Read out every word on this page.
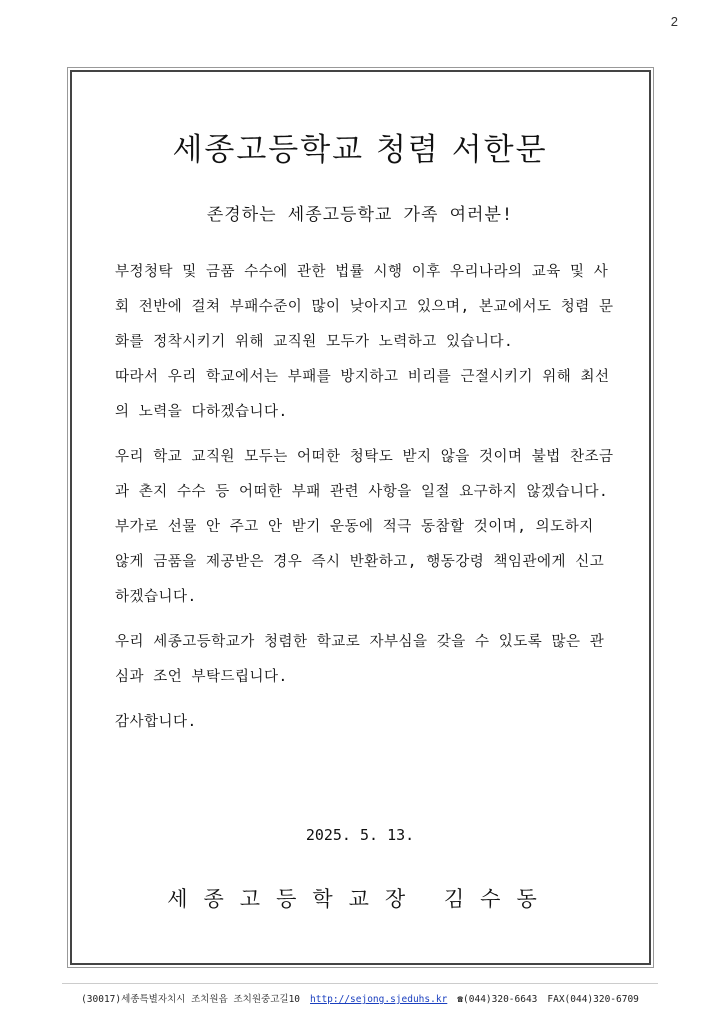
2
세종고등학교 청렴 서한문

존경하는 세종고등학교 가족 여러분!

부정청탁 및 금품 수수에 관한 법률 시행 이후 우리나라의 교육 및 사회 전반에 걸쳐 부패수준이 많이 낮아지고 있으며, 본교에서도 청렴 문화를 정착시키기 위해 교직원 모두가 노력하고 있습니다.

따라서 우리 학교에서는 부패를 방지하고 비리를 근절시키기 위해 최선의 노력을 다하겠습니다.

우리 학교 교직원 모두는 어떠한 청탁도 받지 않을 것이며 불법 찬조금과 촌지 수수 등 어떠한 부패 관련 사항을 일절 요구하지 않겠습니다.

부가로 선물 안 주고 안 받기 운동에 적극 동참할 것이며, 의도하지 않게 금품을 제공받은 경우 즉시 반환하고, 행동강령 책임관에게 신고하겠습니다.

우리 세종고등학교가 청렴한 학교로 자부심을 갖을 수 있도록 많은 관심과 조언 부탁드립니다.

감사합니다.

2025. 5. 13.

세종고등학교장 김수동

(30017)세종특별자치시 조치원읍 조치원중고길10 http://sejong.sjeduhs.kr ☎(044)320-6643 FAX(044)320-6709
